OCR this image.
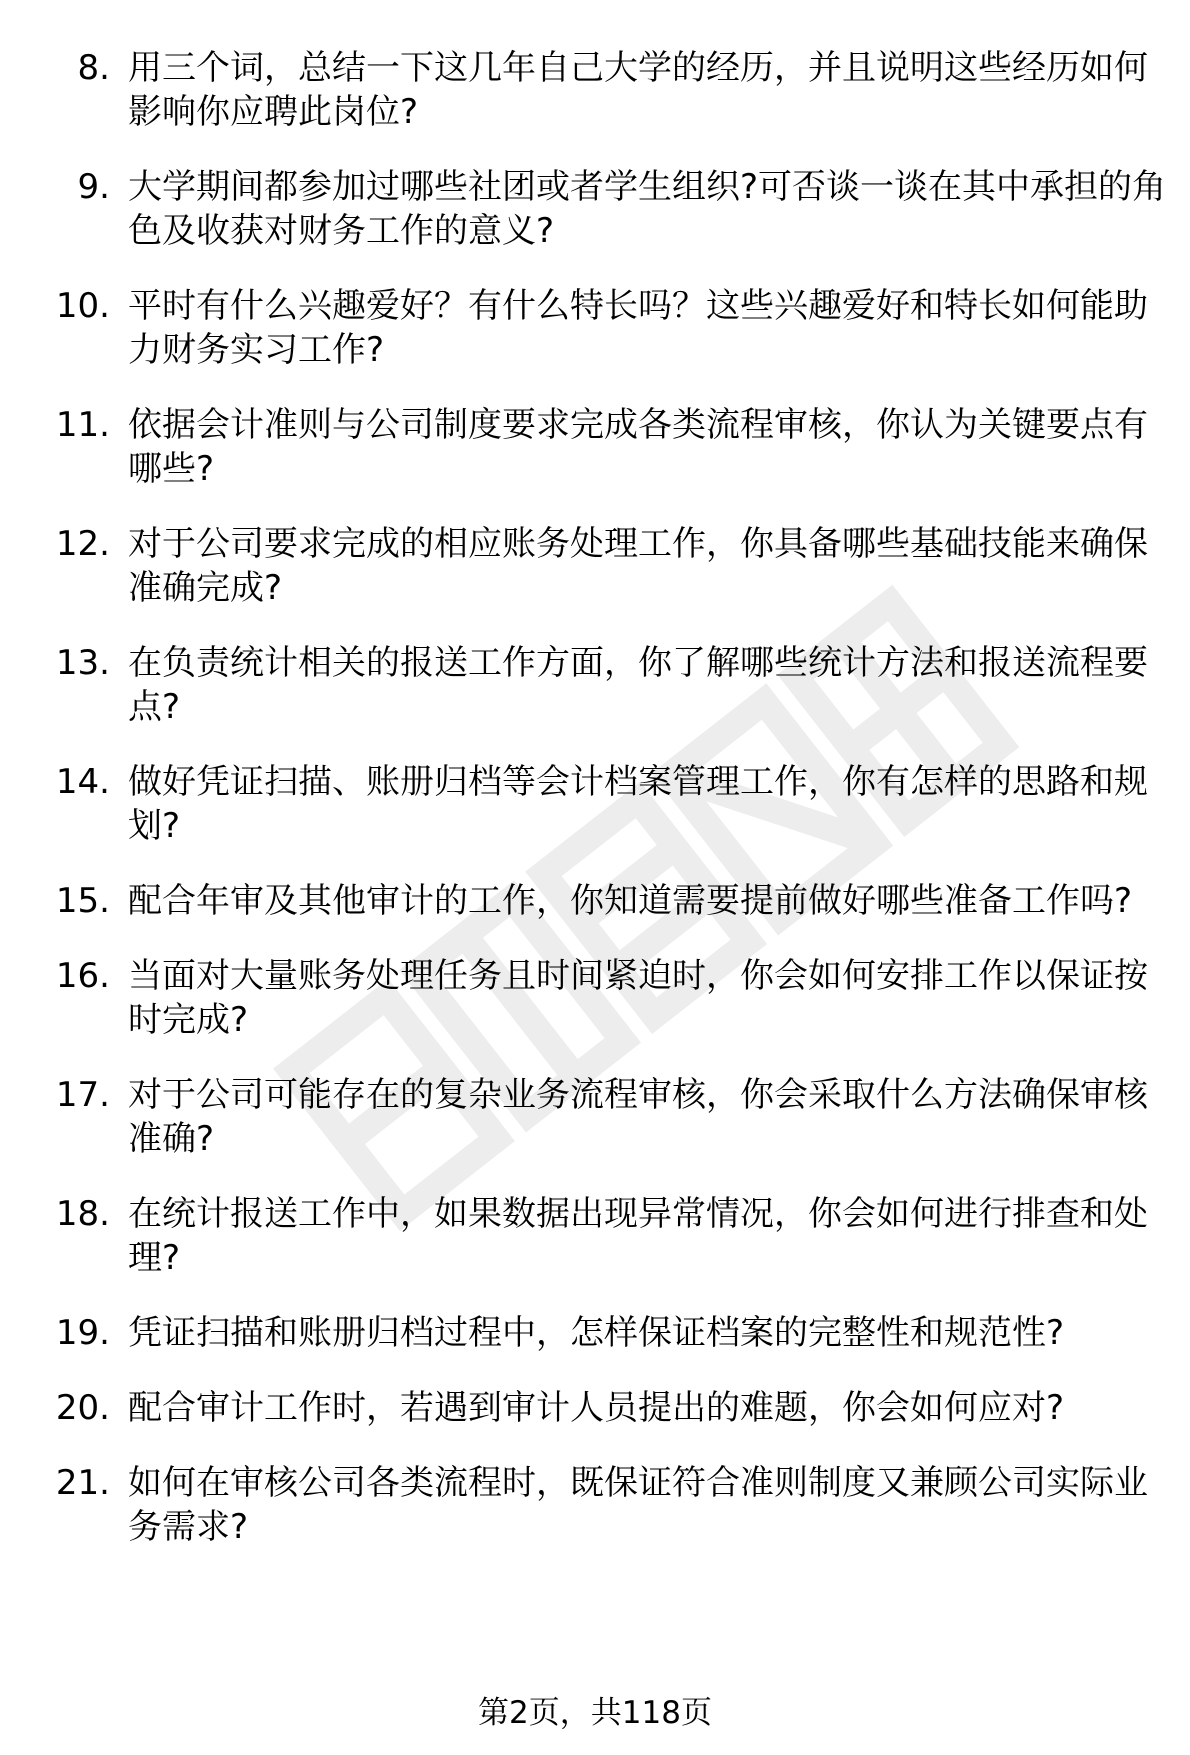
8. 用三个词，总结一下这几年自己大学的经历，并且说明这些经历如何影响你应聘此岗位?
9. 大学期间都参加过哪些社团或者学生组织?可否谈一谈在其中承担的角色及收获对财务工作的意义?
10. 平时有什么兴趣爱好？有什么特长吗？这些兴趣爱好和特长如何能助力财务实习工作?
11. 依据会计准则与公司制度要求完成各类流程审核，你认为关键要点有哪些?
12. 对于公司要求完成的相应账务处理工作，你具备哪些基础技能来确保准确完成?
13. 在负责统计相关的报送工作方面，你了解哪些统计方法和报送流程要点?
14. 做好凭证扫描、账册归档等会计档案管理工作，你有怎样的思路和规划?
15. 配合年审及其他审计的工作，你知道需要提前做好哪些准备工作吗?
16. 当面对大量账务处理任务且时间紧迫时，你会如何安排工作以保证按时完成?
17. 对于公司可能存在的复杂业务流程审核，你会采取什么方法确保审核准确?
18. 在统计报送工作中，如果数据出现异常情况，你会如何进行排查和处理?
19. 凭证扫描和账册归档过程中，怎样保证档案的完整性和规范性?
20. 配合审计工作时，若遇到审计人员提出的难题，你会如何应对?
21. 如何在审核公司各类流程时，既保证符合准则制度又兼顾公司实际业务需求?
第2页，共118页
